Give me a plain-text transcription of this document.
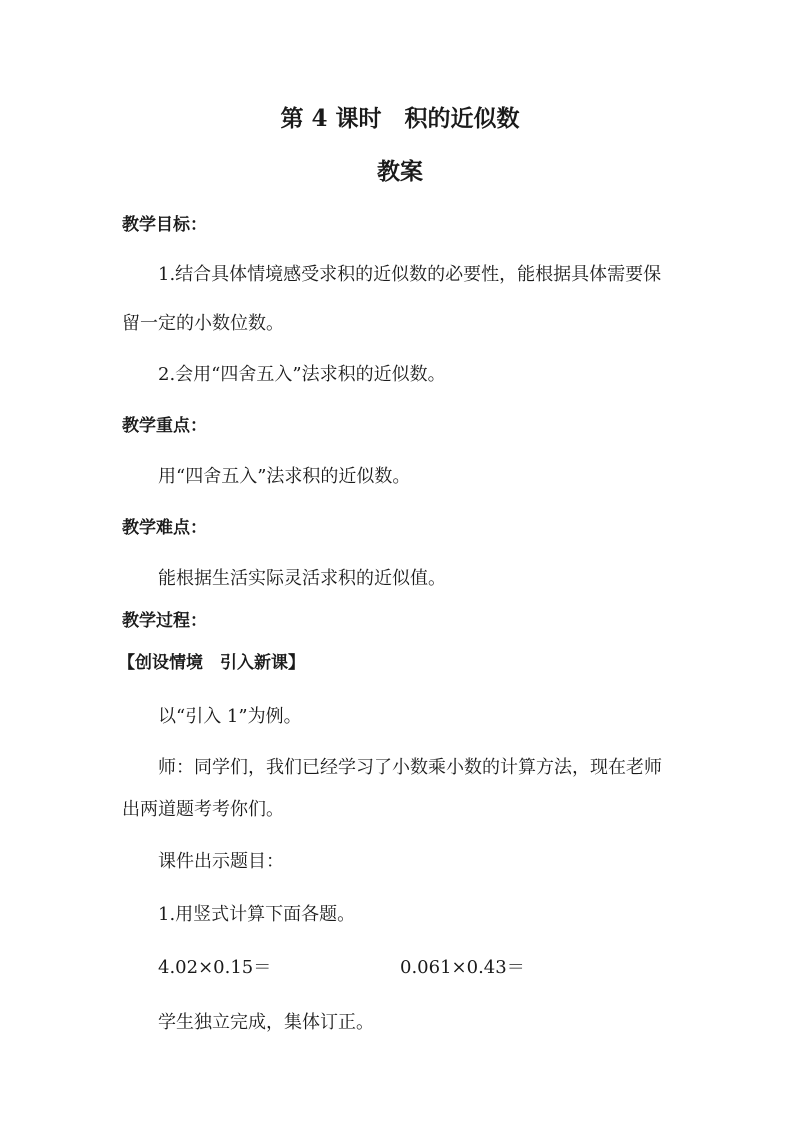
第 4 课时　积的近似数
教案
教学目标：
1.结合具体情境感受求积的近似数的必要性，能根据具体需要保
留一定的小数位数。
2.会用“四舍五入”法求积的近似数。
教学重点：
用“四舍五入”法求积的近似数。
教学难点：
能根据生活实际灵活求积的近似值。
教学过程：
【创设情境　引入新课】
以“引入 1”为例。
师：同学们，我们已经学习了小数乘小数的计算方法，现在老师
出两道题考考你们。
课件出示题目：
1.用竖式计算下面各题。
4.02×0.15＝	0.061×0.43＝
学生独立完成，集体订正。
